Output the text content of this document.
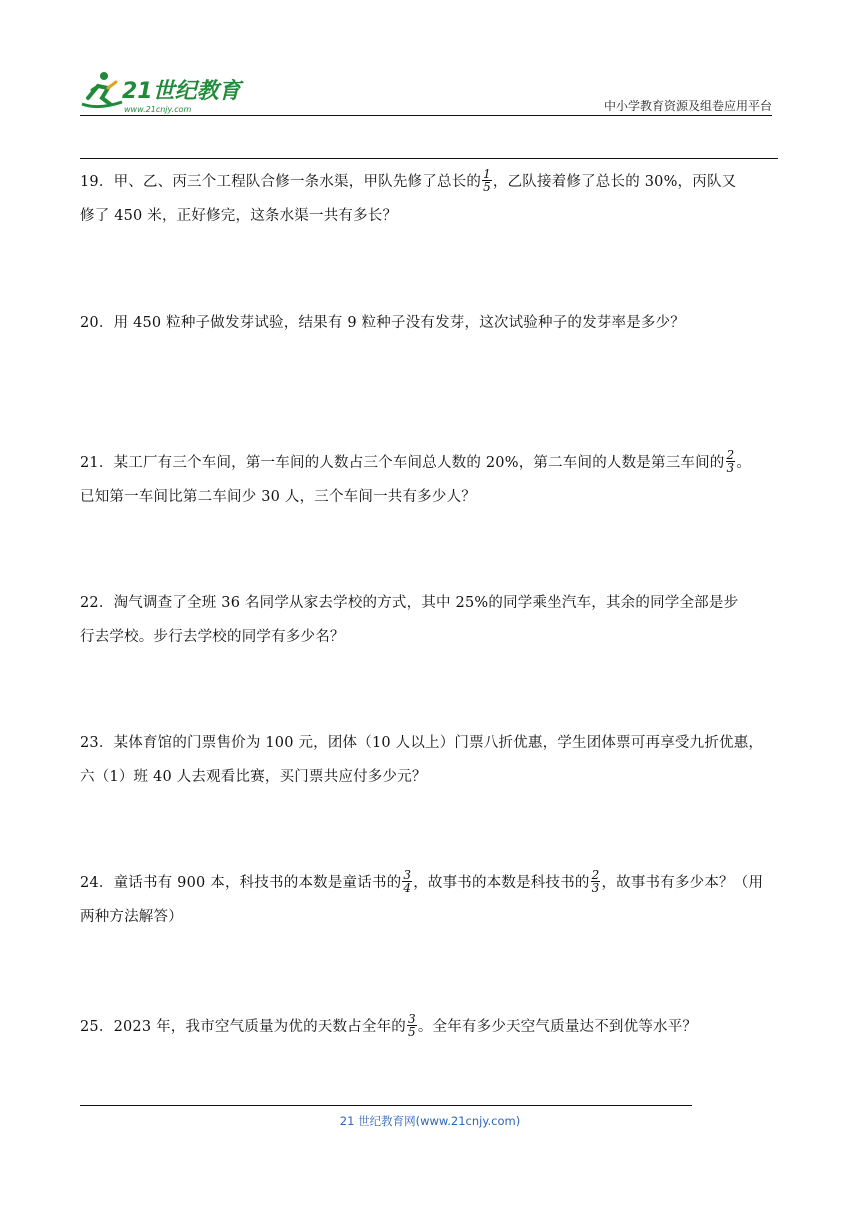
21世纪教育
www.21cnjy.com	中小学教育资源及组卷应用平台
19．甲、乙、丙三个工程队合修一条水渠，甲队先修了总长的 $\frac{1}{5}$ ，乙队接着修了总长的 30%，丙队又
修了 450 米，正好修完，这条水渠一共有多长？
20．用 450 粒种子做发芽试验，结果有 9 粒种子没有发芽，这次试验种子的发芽率是多少？
21．某工厂有三个车间，第一车间的人数占三个车间总人数的 20%，第二车间的人数是第三车间的 $\frac{2}{3}$ 。
已知第一车间比第二车间少 30 人，三个车间一共有多少人？
22．淘气调查了全班 36 名同学从家去学校的方式，其中 25%的同学乘坐汽车，其余的同学全部是步
行去学校。步行去学校的同学有多少名？
23．某体育馆的门票售价为 100 元，团体（10 人以上）门票八折优惠，学生团体票可再享受九折优惠，
六（1）班 40 人去观看比赛，买门票共应付多少元？
24．童话书有 900 本，科技书的本数是童话书的 $\frac{3}{4}$ ，故事书的本数是科技书的 $\frac{2}{3}$ ，故事书有多少本？（用
两种方法解答）
25．2023 年，我市空气质量为优的天数占全年的 $\frac{3}{5}$ 。全年有多少天空气质量达不到优等水平？
21 世纪教育网(www.21cnjy.com)
